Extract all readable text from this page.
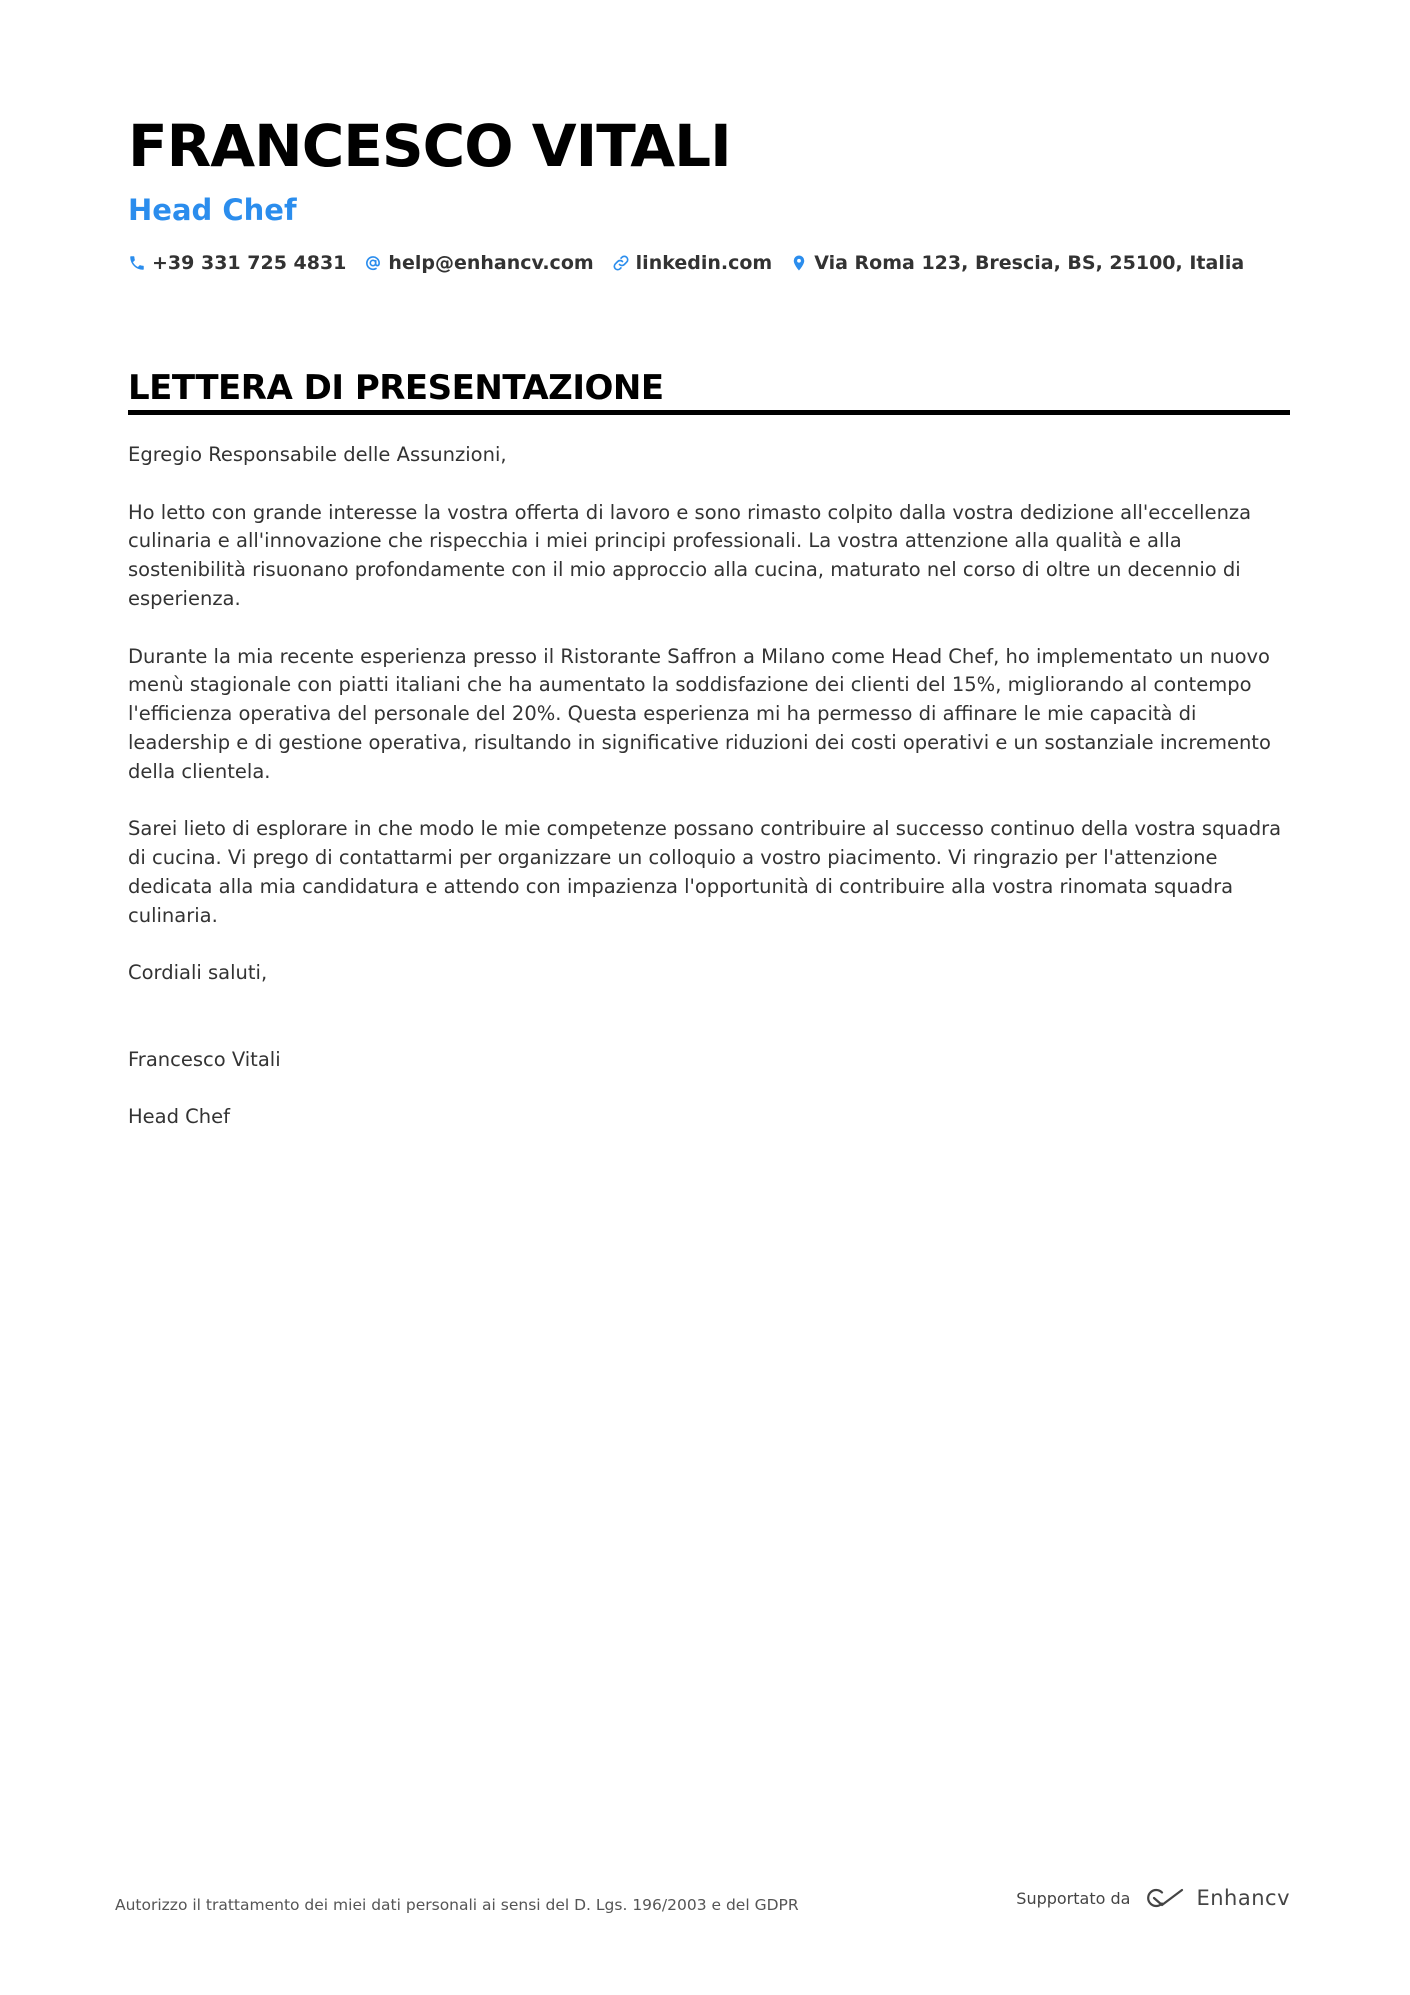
FRANCESCO VITALI
Head Chef
+39 331 725 4831 help@enhancv.com linkedin.com Via Roma 123, Brescia, BS, 25100, Italia
LETTERA DI PRESENTAZIONE

Egregio Responsabile delle Assunzioni,

Ho letto con grande interesse la vostra offerta di lavoro e sono rimasto colpito dalla vostra dedizione all'eccellenza culinaria e all'innovazione che rispecchia i miei principi professionali. La vostra attenzione alla qualità e alla sostenibilità risuonano profondamente con il mio approccio alla cucina, maturato nel corso di oltre un decennio di esperienza.

Durante la mia recente esperienza presso il Ristorante Saffron a Milano come Head Chef, ho implementato un nuovo menù stagionale con piatti italiani che ha aumentato la soddisfazione dei clienti del 15%, migliorando al contempo l'efficienza operativa del personale del 20%. Questa esperienza mi ha permesso di affinare le mie capacità di leadership e di gestione operativa, risultando in significative riduzioni dei costi operativi e un sostanziale incremento della clientela.

Sarei lieto di esplorare in che modo le mie competenze possano contribuire al successo continuo della vostra squadra di cucina. Vi prego di contattarmi per organizzare un colloquio a vostro piacimento. Vi ringrazio per l'attenzione dedicata alla mia candidatura e attendo con impazienza l'opportunità di contribuire alla vostra rinomata squadra culinaria.

Cordiali saluti,

Francesco Vitali

Head Chef

Autorizzo il trattamento dei miei dati personali ai sensi del D. Lgs. 196/2003 e del GDPR	Supportato da	Enhancv
